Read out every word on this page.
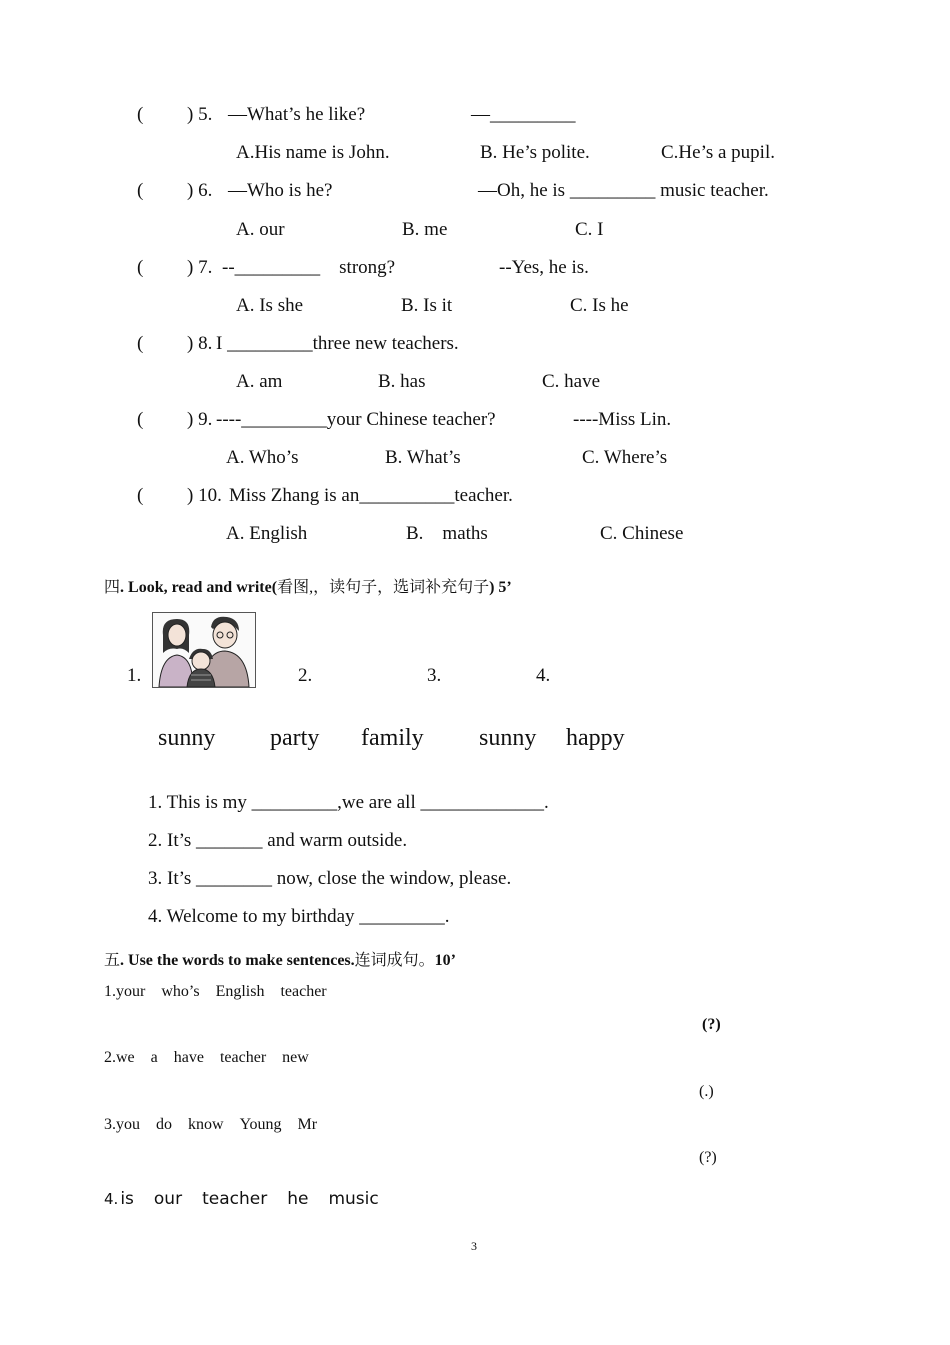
( ) 5. —What’s he like?	—_________
A.His name is John.	B. He’s polite.	C.He’s a pupil.
( ) 6. —Who is he?	—Oh, he is _________ music teacher.
A. our	B. me	C. I
( ) 7. --_________    strong?	--Yes, he is.
A. Is she	B. Is it	C. Is he
( ) 8. I _________three new teachers.
A. am	B. has	C. have
( ) 9. ----_________your Chinese teacher?	----Miss Lin.
A. Who’s	B. What’s	C. Where’s
( ) 10. Miss Zhang is an__________teacher.
A. English	B.    maths	C. Chinese
四. Look, read and write(看图,，读句子，选词补充句子) 5’
1.	2.	3.	4.
sunny party family sunny happy
1. This is my _________,we are all _____________.
2. It’s _______ and warm outside.
3. It’s ________ now, close the window, please.
4. Welcome to my birthday _________.
五. Use the words to make sentences.连词成句。10’
1.your who’s English teacher
(?)
2.we a have teacher new
(.)
3.you do know Young Mr
(?)
4. is our teacher he music
3
